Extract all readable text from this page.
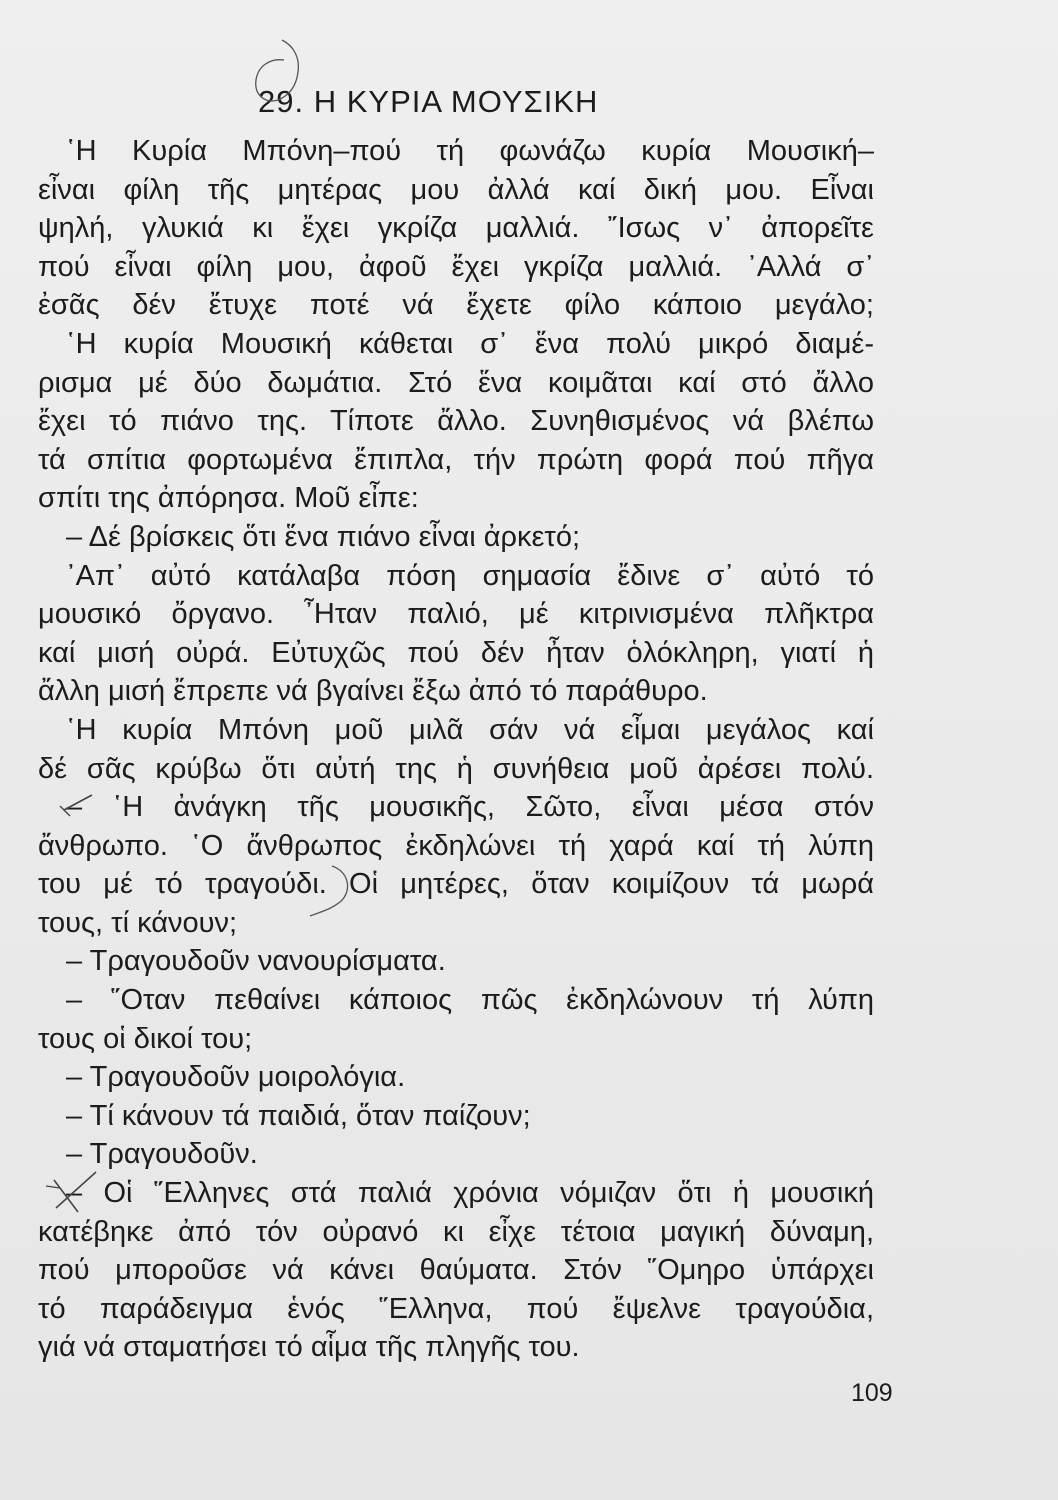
29. Η ΚΥΡΙΑ ΜΟΥΣΙΚΗ
῾Η Κυρία Μπόνη–πού τή φωνάζω κυρία Μουσική–
εἶναι φίλη τῆς μητέρας μου ἀλλά καί δική μου. Εἶναι
ψηλή, γλυκιά κι ἔχει γκρίζα μαλλιά. ῎Ισως ν᾽ ἀπορεῖτε
πού εἶναι φίλη μου, ἀφοῦ ἔχει γκρίζα μαλλιά. ᾽Αλλά σ᾽
ἐσᾶς δέν ἔτυχε ποτέ νά ἔχετε φίλο κάποιο μεγάλο;
῾Η κυρία Μουσική κάθεται σ᾽ ἕνα πολύ μικρό διαμέ-
ρισμα μέ δύο δωμάτια. Στό ἕνα κοιμᾶται καί στό ἄλλο
ἔχει τό πιάνο της. Τίποτε ἄλλο. Συνηθισμένος νά βλέπω
τά σπίτια φορτωμένα ἔπιπλα, τήν πρώτη φορά πού πῆγα
σπίτι της ἀπόρησα. Μοῦ εἶπε:
– Δέ βρίσκεις ὅτι ἕνα πιάνο εἶναι ἀρκετό;
᾽Απ᾽ αὐτό κατάλαβα πόση σημασία ἔδινε σ᾽ αὐτό τό
μουσικό ὄργανο. ῏Ηταν παλιό, μέ κιτρινισμένα πλῆκτρα
καί μισή οὐρά. Εὐτυχῶς πού δέν ἦταν ὁλόκληρη, γιατί ἡ
ἄλλη μισή ἔπρεπε νά βγαίνει ἔξω ἀπό τό παράθυρο.
῾Η κυρία Μπόνη μοῦ μιλᾶ σάν νά εἶμαι μεγάλος καί
δέ σᾶς κρύβω ὅτι αὐτή της ἡ συνήθεια μοῦ ἀρέσει πολύ.
– ῾Η ἀνάγκη τῆς μουσικῆς, Σῶτο, εἶναι μέσα στόν
ἄνθρωπο. ῾Ο ἄνθρωπος ἐκδηλώνει τή χαρά καί τή λύπη
του μέ τό τραγούδι. Οἱ μητέρες, ὅταν κοιμίζουν τά μωρά
τους, τί κάνουν;
– Τραγουδοῦν νανουρίσματα.
– ῞Οταν πεθαίνει κάποιος πῶς ἐκδηλώνουν τή λύπη
τους οἱ δικοί του;
– Τραγουδοῦν μοιρολόγια.
– Τί κάνουν τά παιδιά, ὅταν παίζουν;
– Τραγουδοῦν.
– Οἱ ῞Ελληνες στά παλιά χρόνια νόμιζαν ὅτι ἡ μουσική
κατέβηκε ἀπό τόν οὐρανό κι εἶχε τέτοια μαγική δύναμη,
πού μποροῦσε νά κάνει θαύματα. Στόν ῞Ομηρο ὑπάρχει
τό παράδειγμα ἑνός ῞Ελληνα, πού ἔψελνε τραγούδια,
γιά νά σταματήσει τό αἷμα τῆς πληγῆς του.
109
